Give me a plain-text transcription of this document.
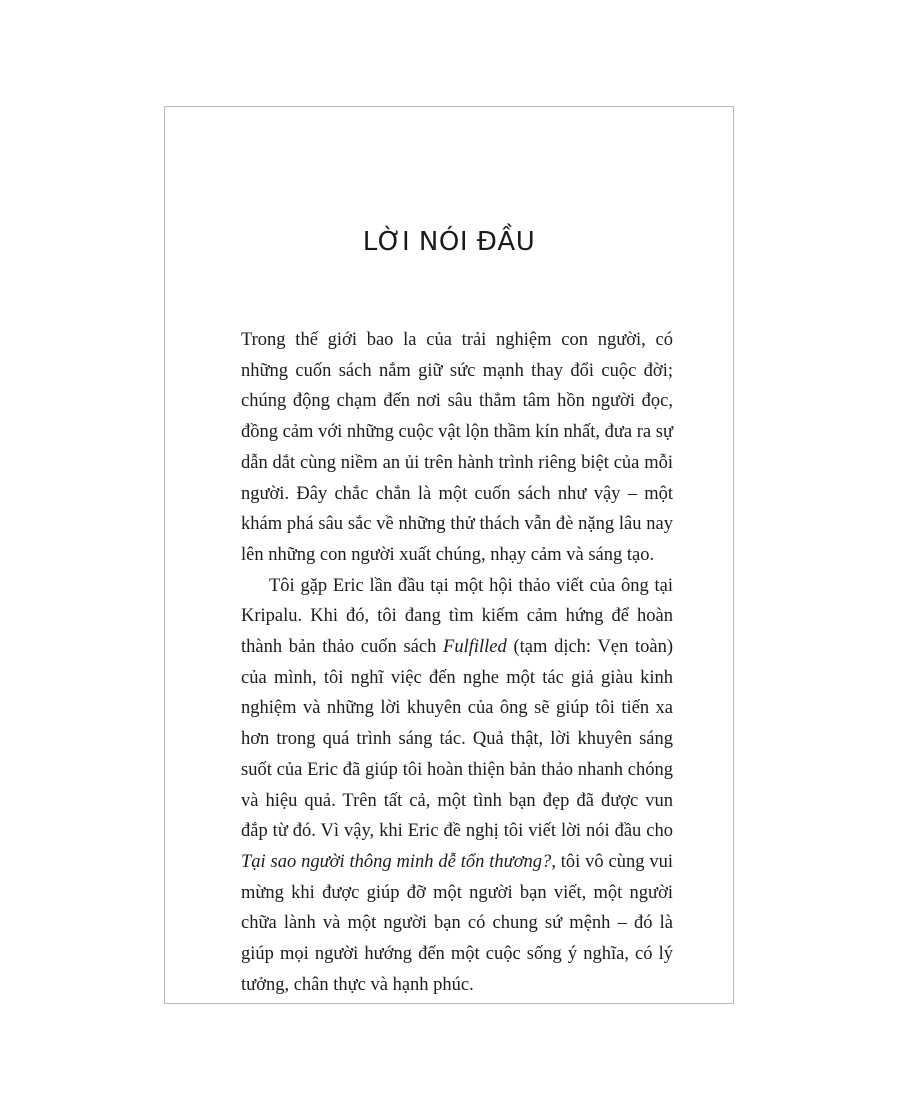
LỜI NÓI ĐẦU

Trong thế giới bao la của trải nghiệm con người, có những cuốn sách nắm giữ sức mạnh thay đổi cuộc đời; chúng động chạm đến nơi sâu thẳm tâm hồn người đọc, đồng cảm với những cuộc vật lộn thầm kín nhất, đưa ra sự dẫn dắt cùng niềm an ủi trên hành trình riêng biệt của mỗi người. Đây chắc chắn là một cuốn sách như vậy – một khám phá sâu sắc về những thử thách vẫn đè nặng lâu nay lên những con người xuất chúng, nhạy cảm và sáng tạo.

Tôi gặp Eric lần đầu tại một hội thảo viết của ông tại Kripalu. Khi đó, tôi đang tìm kiếm cảm hứng để hoàn thành bản thảo cuốn sách Fulfilled (tạm dịch: Vẹn toàn) của mình, tôi nghĩ việc đến nghe một tác giả giàu kinh nghiệm và những lời khuyên của ông sẽ giúp tôi tiến xa hơn trong quá trình sáng tác. Quả thật, lời khuyên sáng suốt của Eric đã giúp tôi hoàn thiện bản thảo nhanh chóng và hiệu quả. Trên tất cả, một tình bạn đẹp đã được vun đắp từ đó. Vì vậy, khi Eric đề nghị tôi viết lời nói đầu cho Tại sao người thông minh dễ tổn thương?, tôi vô cùng vui mừng khi được giúp đỡ một người bạn viết, một người chữa lành và một người bạn có chung sứ mệnh – đó là giúp mọi người hướng đến một cuộc sống ý nghĩa, có lý tưởng, chân thực và hạnh phúc.
